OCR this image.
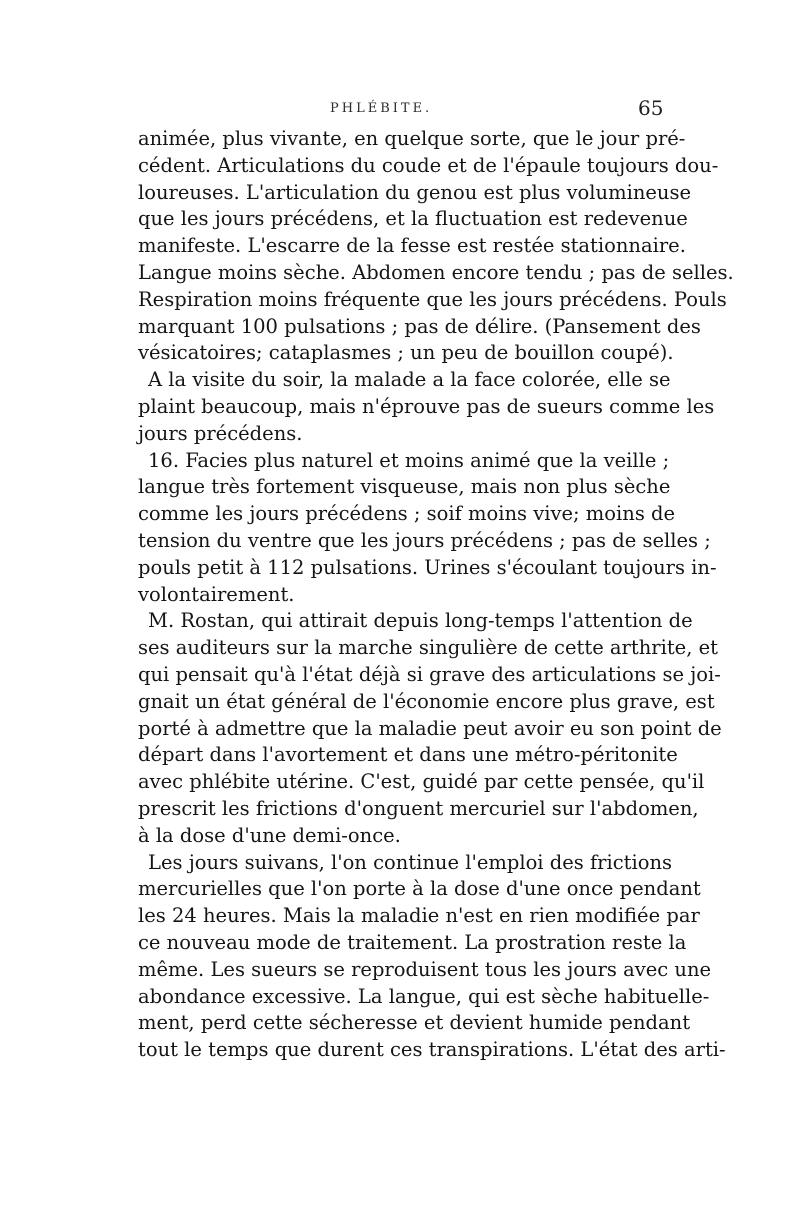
PHLÉBITE.	65
animée, plus vivante, en quelque sorte, que le jour pré-
cédent. Articulations du coude et de l'épaule toujours dou-
loureuses. L'articulation du genou est plus volumineuse
que les jours précédens, et la fluctuation est redevenue
manifeste. L'escarre de la fesse est restée stationnaire.
Langue moins sèche. Abdomen encore tendu ; pas de selles.
Respiration moins fréquente que les jours précédens. Pouls
marquant 100 pulsations ; pas de délire. (Pansement des
vésicatoires; cataplasmes ; un peu de bouillon coupé).
A la visite du soir, la malade a la face colorée, elle se
plaint beaucoup, mais n'éprouve pas de sueurs comme les
jours précédens.
16. Facies plus naturel et moins animé que la veille ;
langue très fortement visqueuse, mais non plus sèche
comme les jours précédens ; soif moins vive; moins de
tension du ventre que les jours précédens ; pas de selles ;
pouls petit à 112 pulsations. Urines s'écoulant toujours in-
volontairement.
M. Rostan, qui attirait depuis long-temps l'attention de
ses auditeurs sur la marche singulière de cette arthrite, et
qui pensait qu'à l'état déjà si grave des articulations se joi-
gnait un état général de l'économie encore plus grave, est
porté à admettre que la maladie peut avoir eu son point de
départ dans l'avortement et dans une métro-péritonite
avec phlébite utérine. C'est, guidé par cette pensée, qu'il
prescrit les frictions d'onguent mercuriel sur l'abdomen,
à la dose d'une demi-once.
Les jours suivans, l'on continue l'emploi des frictions
mercurielles que l'on porte à la dose d'une once pendant
les 24 heures. Mais la maladie n'est en rien modifiée par
ce nouveau mode de traitement. La prostration reste la
même. Les sueurs se reproduisent tous les jours avec une
abondance excessive. La langue, qui est sèche habituelle-
ment, perd cette sécheresse et devient humide pendant
tout le temps que durent ces transpirations. L'état des arti-
